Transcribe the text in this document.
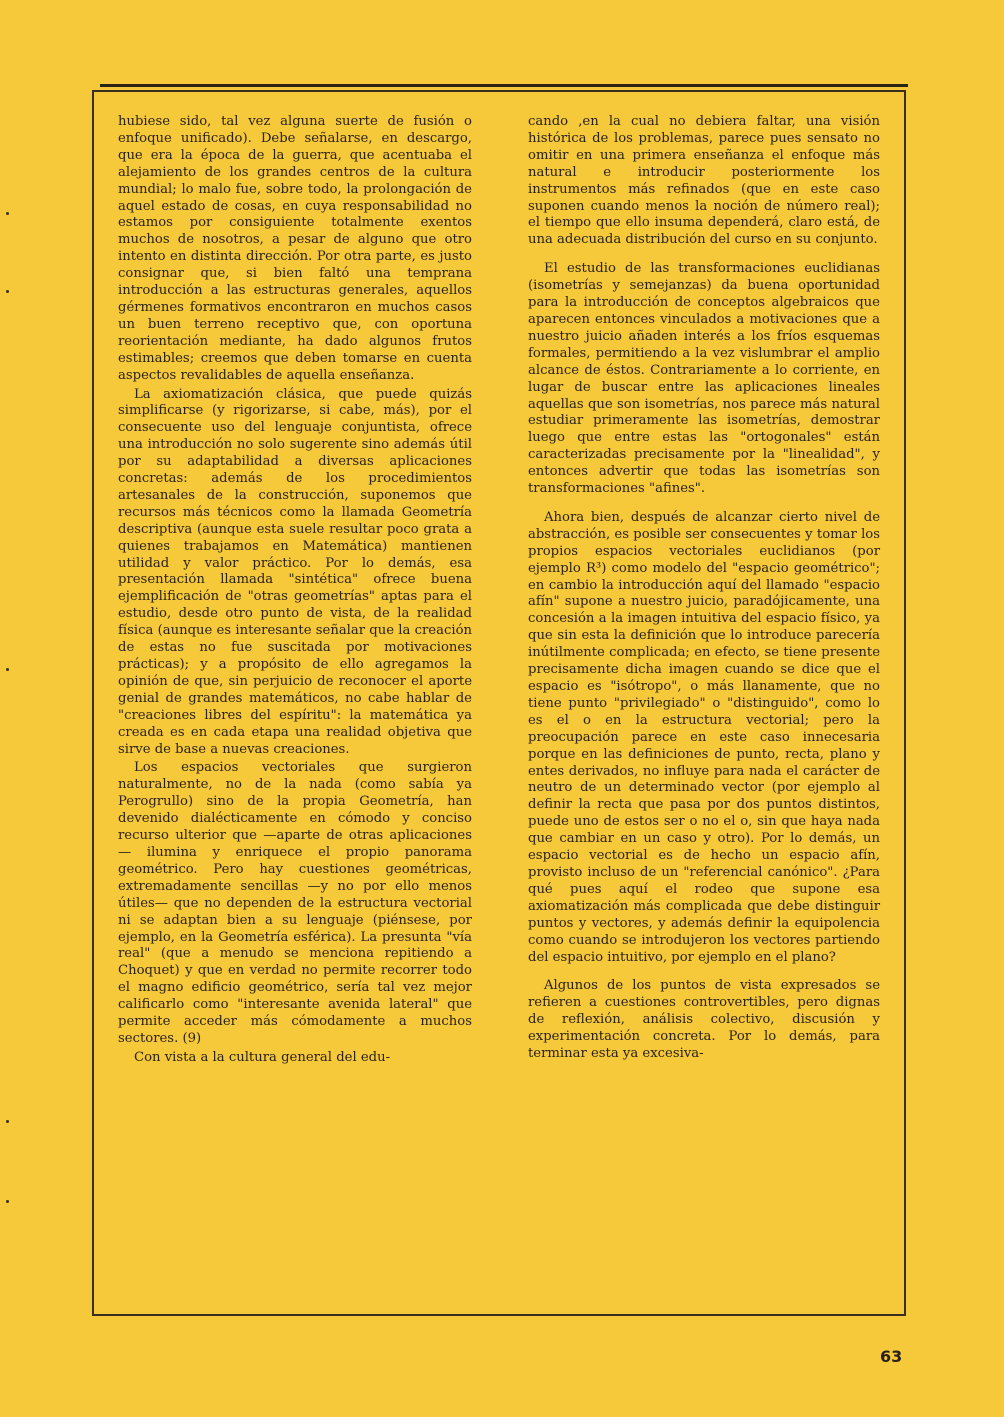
hubiese sido, tal vez alguna suerte de fusión o enfoque unificado). Debe señalarse, en descargo, que era la época de la guerra, que acentuaba el alejamiento de los grandes centros de la cultura mundial; lo malo fue, sobre todo, la prolongación de aquel estado de cosas, en cuya responsabilidad no estamos por consiguiente totalmente exentos muchos de nosotros, a pesar de alguno que otro intento en distinta dirección. Por otra parte, es justo consignar que, si bien faltó una temprana introducción a las estructuras generales, aquellos gérmenes formativos encontraron en muchos casos un buen terreno receptivo que, con oportuna reorientación mediante, ha dado algunos frutos estimables; creemos que deben tomarse en cuenta aspectos revalidables de aquella enseñanza.

La axiomatización clásica, que puede quizás simplificarse (y rigorizarse, si cabe, más), por el consecuente uso del lenguaje conjuntista, ofrece una introducción no solo sugerente sino además útil por su adaptabilidad a diversas aplicaciones concretas: además de los procedimientos artesanales de la construcción, suponemos que recursos más técnicos como la llamada Geometría descriptiva (aunque esta suele resultar poco grata a quienes trabajamos en Matemática) mantienen utilidad y valor práctico. Por lo demás, esa presentación llamada "sintética" ofrece buena ejemplificación de "otras geometrías" aptas para el estudio, desde otro punto de vista, de la realidad física (aunque es interesante señalar que la creación de estas no fue suscitada por motivaciones prácticas); y a propósito de ello agregamos la opinión de que, sin perjuicio de reconocer el aporte genial de grandes matemáticos, no cabe hablar de "creaciones libres del espíritu": la matemática ya creada es en cada etapa una realidad objetiva que sirve de base a nuevas creaciones.

Los espacios vectoriales que surgieron naturalmente, no de la nada (como sabía ya Perogrullo) sino de la propia Geometría, han devenido dialécticamente en cómodo y conciso recurso ulterior que —aparte de otras aplicaciones— ilumina y enriquece el propio panorama geométrico. Pero hay cuestiones geométricas, extremadamente sencillas —y no por ello menos útiles— que no dependen de la estructura vectorial ni se adaptan bien a su lenguaje (piénsese, por ejemplo, en la Geometría esférica). La presunta "vía real" (que a menudo se menciona repitiendo a Choquet) y que en verdad no permite recorrer todo el magno edificio geométrico, sería tal vez mejor calificarlo como "interesante avenida lateral" que permite acceder más cómodamente a muchos sectores. (9)

Con vista a la cultura general del edu-

cando ,en la cual no debiera faltar, una visión histórica de los problemas, parece pues sensato no omitir en una primera enseñanza el enfoque más natural e introducir posteriormente los instrumentos más refinados (que en este caso suponen cuando menos la noción de número real); el tiempo que ello insuma dependerá, claro está, de una adecuada distribución del curso en su conjunto.

El estudio de las transformaciones euclidianas (isometrías y semejanzas) da buena oportunidad para la introducción de conceptos algebraicos que aparecen entonces vinculados a motivaciones que a nuestro juicio añaden interés a los fríos esquemas formales, permitiendo a la vez vislumbrar el amplio alcance de éstos. Contrariamente a lo corriente, en lugar de buscar entre las aplicaciones lineales aquellas que son isometrías, nos parece más natural estudiar primeramente las isometrías, demostrar luego que entre estas las "ortogonales" están caracterizadas precisamente por la "linealidad", y entonces advertir que todas las isometrías son transformaciones "afines".

Ahora bien, después de alcanzar cierto nivel de abstracción, es posible ser consecuentes y tomar los propios espacios vectoriales euclidianos (por ejemplo R³) como modelo del "espacio geométrico"; en cambio la introducción aquí del llamado "espacio afín" supone a nuestro juicio, paradójicamente, una concesión a la imagen intuitiva del espacio físico, ya que sin esta la definición que lo introduce parecería inútilmente complicada; en efecto, se tiene presente precisamente dicha imagen cuando se dice que el espacio es "isótropo", o más llanamente, que no tiene punto "privilegiado" o "distinguido", como lo es el o en la estructura vectorial; pero la preocupación parece en este caso innecesaria porque en las definiciones de punto, recta, plano y entes derivados, no influye para nada el carácter de neutro de un determinado vector (por ejemplo al definir la recta que pasa por dos puntos distintos, puede uno de estos ser o no el o, sin que haya nada que cambiar en un caso y otro). Por lo demás, un espacio vectorial es de hecho un espacio afín, provisto incluso de un "referencial canónico". ¿Para qué pues aquí el rodeo que supone esa axiomatización más complicada que debe distinguir puntos y vectores, y además definir la equipolencia como cuando se introdujeron los vectores partiendo del espacio intuitivo, por ejemplo en el plano?

Algunos de los puntos de vista expresados se refieren a cuestiones controvertibles, pero dignas de reflexión, análisis colectivo, discusión y experimentación concreta. Por lo demás, para terminar esta ya excesiva-

63
